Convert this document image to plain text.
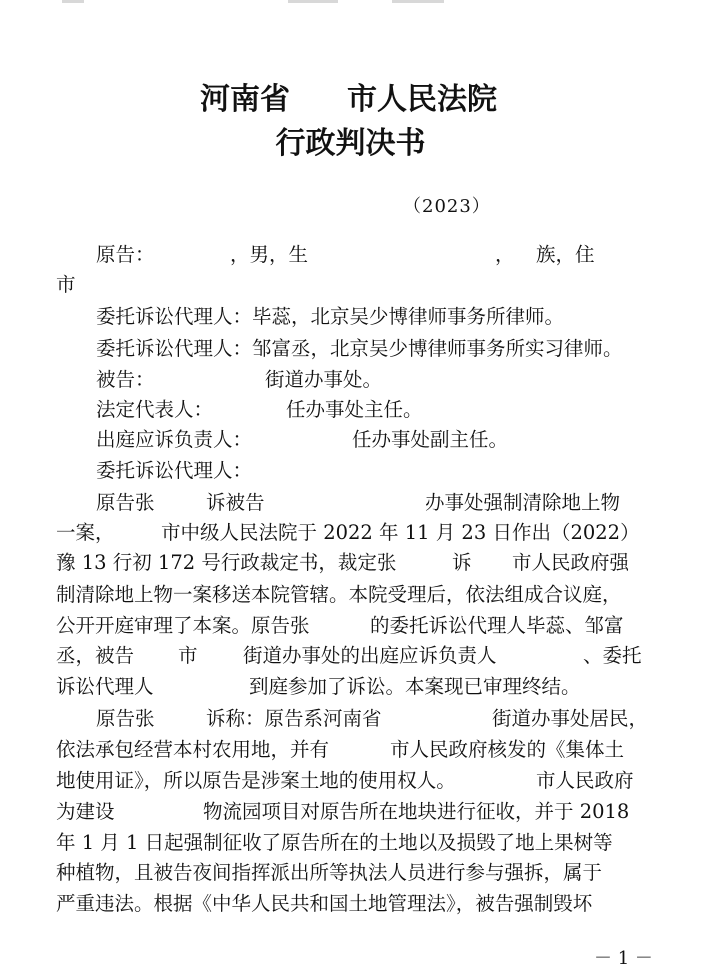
河南省 市人民法院
行政判决书
（2023）
原告：	，男，生	， 族，住
市
委托诉讼代理人：毕蕊，北京吴少博律师事务所律师。
委托诉讼代理人：邹富丞，北京吴少博律师事务所实习律师。
被告：	街道办事处。
法定代表人：	任办事处主任。
出庭应诉负责人：	任办事处副主任。
委托诉讼代理人：
原告张	诉被告	办事处强制清除地上物
一案， 市中级人民法院于 2022 年 11 月 23 日作出（2022）
豫 13 行初 172 号行政裁定书，裁定张	诉 市人民政府强
制清除地上物一案移送本院管辖。本院受理后，依法组成合议庭，
公开开庭审理了本案。原告张	的委托诉讼代理人毕蕊、邹富
丞，被告 市 街道办事处的出庭应诉负责人	、委托
诉讼代理人	到庭参加了诉讼。本案现已审理终结。
原告张	诉称：原告系河南省	街道办事处居民，
依法承包经营本村农用地，并有	市人民政府核发的《集体土
地使用证》，所以原告是涉案土地的使用权人。	市人民政府
为建设	物流园项目对原告所在地块进行征收，并于 2018
年 1 月 1 日起强制征收了原告所在的土地以及损毁了地上果树等
种植物，且被告夜间指挥派出所等执法人员进行参与强拆，属于
严重违法。根据《中华人民共和国土地管理法》，被告强制毁坏
－ 1 －
